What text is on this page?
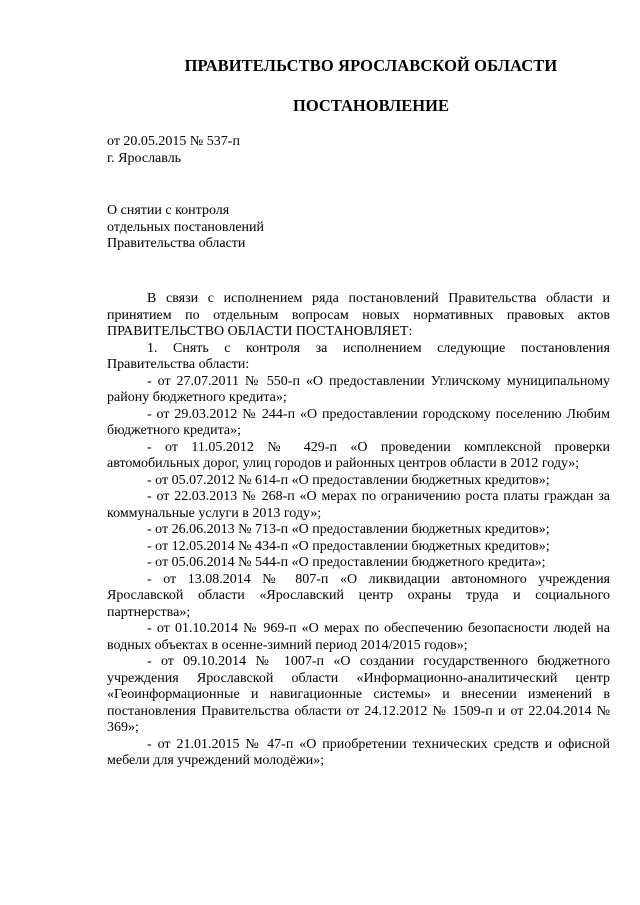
ПРАВИТЕЛЬСТВО ЯРОСЛАВСКОЙ ОБЛАСТИ
ПОСТАНОВЛЕНИЕ
от 20.05.2015 № 537-п
г. Ярославль
О снятии с контроля
отдельных постановлений
Правительства области

В связи с исполнением ряда постановлений Правительства области и принятием по отдельным вопросам новых нормативных правовых актов ПРАВИТЕЛЬСТВО ОБЛАСТИ ПОСТАНОВЛЯЕТ:

1. Снять с контроля за исполнением следующие постановления Правительства области:

- от 27.07.2011 № 550-п «О предоставлении Угличскому муниципальному району бюджетного кредита»;

- от 29.03.2012 № 244-п «О предоставлении городскому поселению Любим бюджетного кредита»;

- от 11.05.2012 № 429-п «О проведении комплексной проверки автомобильных дорог, улиц городов и районных центров области в 2012 году»;

- от 05.07.2012 № 614-п «О предоставлении бюджетных кредитов»;

- от 22.03.2013 № 268-п «О мерах по ограничению роста платы граждан за коммунальные услуги в 2013 году»;

- от 26.06.2013 № 713-п «О предоставлении бюджетных кредитов»;

- от 12.05.2014 № 434-п «О предоставлении бюджетных кредитов»;

- от 05.06.2014 № 544-п «О предоставлении бюджетного кредита»;

- от 13.08.2014 № 807-п «О ликвидации автономного учреждения Ярославской области «Ярославский центр охраны труда и социального партнерства»;

- от 01.10.2014 № 969-п «О мерах по обеспечению безопасности людей на водных объектах в осенне-зимний период 2014/2015 годов»;

- от 09.10.2014 № 1007-п «О создании государственного бюджетного учреждения Ярославской области «Информационно-аналитический центр «Геоинформационные и навигационные системы» и внесении изменений в постановления Правительства области от 24.12.2012 № 1509-п и от 22.04.2014 № 369»;

- от 21.01.2015 № 47-п «О приобретении технических средств и офисной мебели для учреждений молодёжи»;
